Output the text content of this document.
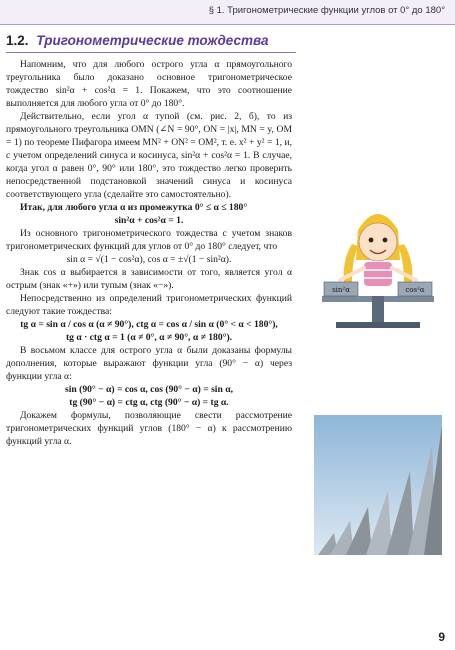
§ 1. Тригонометрические функции углов от 0° до 180°
1.2. Тригонометрические тождества

Напомним, что для любого острого угла α прямоугольного треугольника было доказано основное тригонометрическое тождество sin²α + cos²α = 1. Покажем, что это соотношение выполняется для любого угла от 0° до 180°.

Действительно, если угол α тупой (см. рис. 2, б), то из прямоугольного треугольника OMN (∠N = 90°, ON = |x|, MN = y, OM = 1) по теореме Пифагора имеем MN² + ON² = OM², т. е. x² + y² = 1, и, с учетом определений синуса и косинуса, sin²α + cos²α = 1. В случае, когда угол α равен 0°, 90° или 180°, это тождество легко проверить непосредственной подстановкой значений синуса и косинуса соответствующего угла (сделайте это самостоятельно).

Итак, для любого угла α из промежутка 0° ≤ α ≤ 180°

sin²α + cos²α = 1.

Из основного тригонометрического тождества с учетом знаков тригонометрических функций для углов от 0° до 180° следует, что

sin α = √(1 − cos²α), cos α = ±√(1 − sin²α).

Знак cos α выбирается в зависимости от того, является угол α острым (знак «+») или тупым (знак «−»).

Непосредственно из определений тригонометрических функций следуют такие тождества:

tg α = sin α / cos α (α ≠ 90°), ctg α = cos α / sin α (0° < α < 180°),

tg α · ctg α = 1 (α ≠ 0°, α ≠ 90°, α ≠ 180°).

В восьмом классе для острого угла α были доказаны формулы дополнения, которые выражают функции угла (90° − α) через функции угла α:

sin (90° − α) = cos α, cos (90° − α) = sin α,

tg (90° − α) = ctg α, ctg (90° − α) = tg α.

Докажем формулы, позволяющие свести рассмотрение тригонометрических функций углов (180° − α) к рассмотрению функций угла α.

sin²α	cos²α
9
